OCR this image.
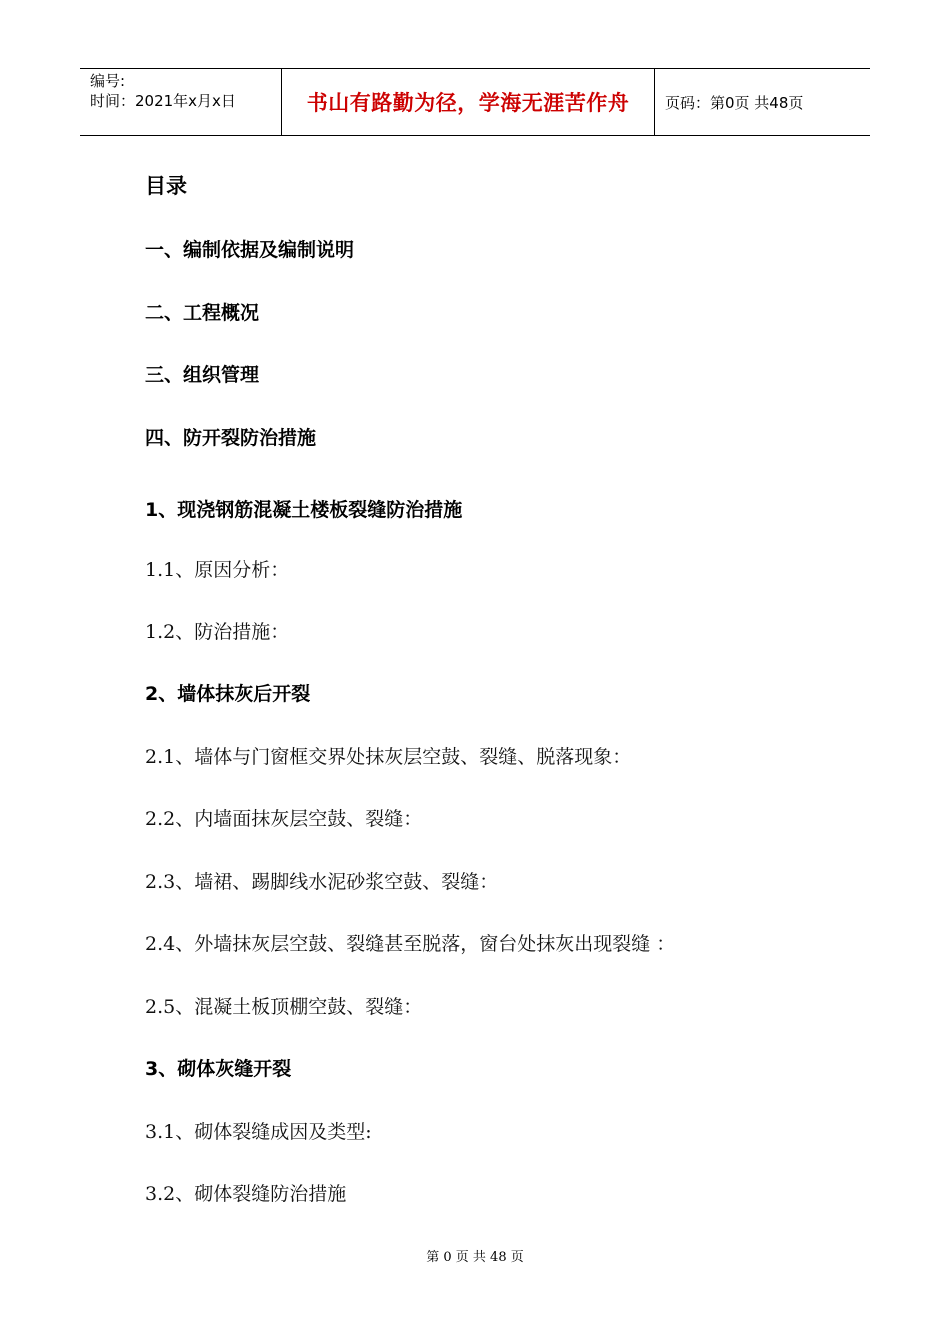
编号:
时间：2021年x月x日	书山有路勤为径，学海无涯苦作舟	页码：第0页 共48页
目录
一、编制依据及编制说明
二、工程概况
三、组织管理
四、防开裂防治措施
1、现浇钢筋混凝土楼板裂缝防治措施
1.1、原因分析：
1.2、防治措施：
2、墙体抹灰后开裂
2.1、墙体与门窗框交界处抹灰层空鼓、裂缝、脱落现象：
2.2、内墙面抹灰层空鼓、裂缝：
2.3、墙裙、踢脚线水泥砂浆空鼓、裂缝：
2.4、外墙抹灰层空鼓、裂缝甚至脱落，窗台处抹灰出现裂缝 ：
2.5、混凝土板顶棚空鼓、裂缝：
3、砌体灰缝开裂
3.1、砌体裂缝成因及类型:
3.2、砌体裂缝防治措施
第 0 页 共 48 页
